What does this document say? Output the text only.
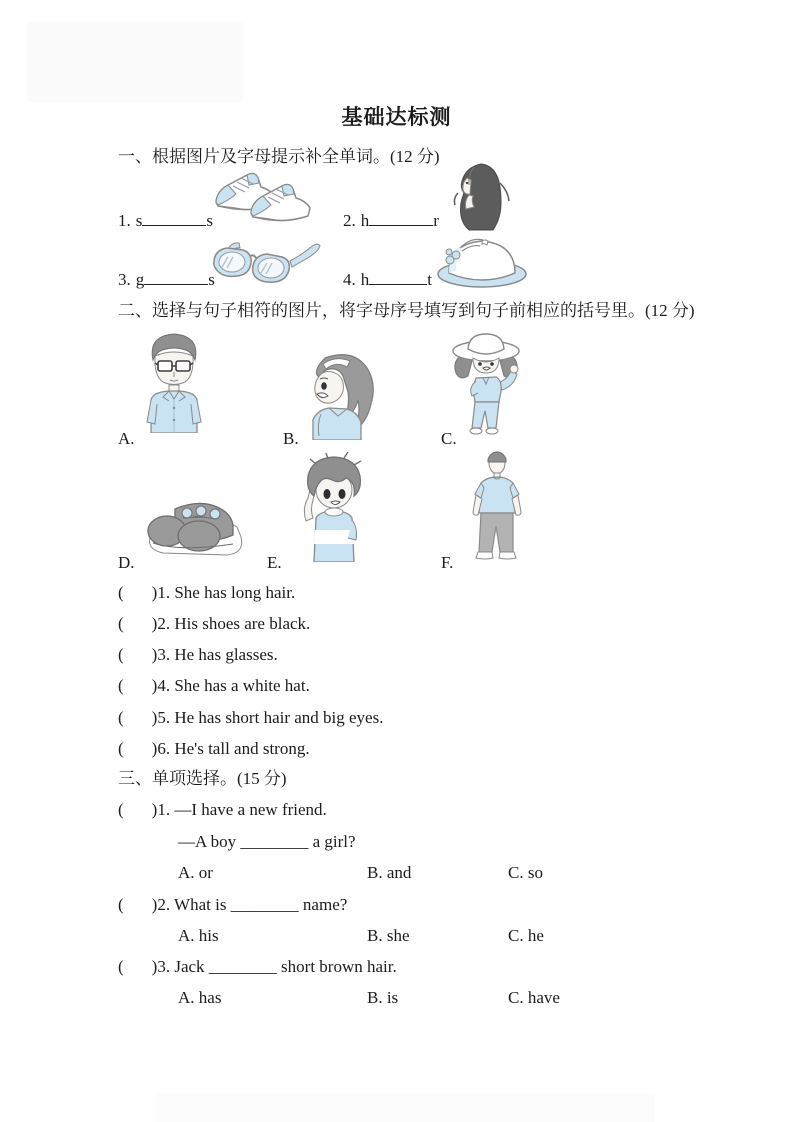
基础达标测
一、根据图片及字母提示补全单词。(12 分)
1. s	s	2. h	r
3. g	s	4. h	t
二、选择与句子相符的图片，将字母序号填写到句子前相应的括号里。(12 分)
A.	B.	C.
D.	E.	F.
( )1. She has long hair.
( )2. His shoes are black.
( )3. He has glasses.
( )4. She has a white hat.
( )5. He has short hair and big eyes.
( )6. He's tall and strong.
三、单项选择。(15 分)
( )1. —I have a new friend.
—A boy ________ a girl?
A. or	B. and	C. so
( )2. What is ________ name?
A. his	B. she	C. he
( )3. Jack ________ short brown hair.
A. has	B. is	C. have
